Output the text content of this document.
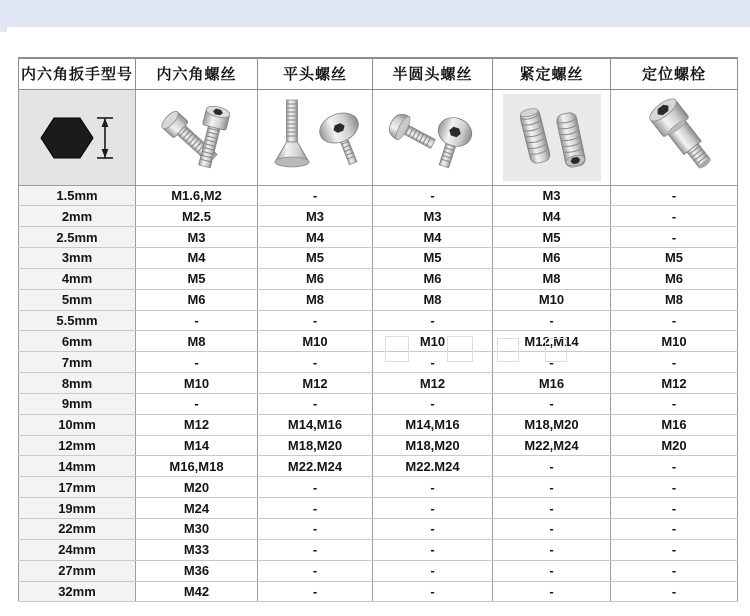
内六角扳手型号	内六角螺丝	平头螺丝	半圆头螺丝	紧定螺丝	定位螺栓

1.5mm	M1.6,M2	-	-	M3	-
2mm	M2.5	M3	M3	M4	-
2.5mm	M3	M4	M4	M5	-
3mm	M4	M5	M5	M6	M5
4mm	M5	M6	M6	M8	M6
5mm	M6	M8	M8	M10	M8
5.5mm	-	-	-	-	-
6mm	M8	M10	M10	M12,M14	M10
7mm	-	-	-	-	-
8mm	M10	M12	M12	M16	M12
9mm	-	-	-	-	-
10mm	M12	M14,M16	M14,M16	M18,M20	M16
12mm	M14	M18,M20	M18,M20	M22,M24	M20
14mm	M16,M18	M22.M24	M22.M24	-	-
17mm	M20	-	-	-	-
19mm	M24	-	-	-	-
22mm	M30	-	-	-	-
24mm	M33	-	-	-	-
27mm	M36	-	-	-	-
32mm	M42	-	-	-	-
